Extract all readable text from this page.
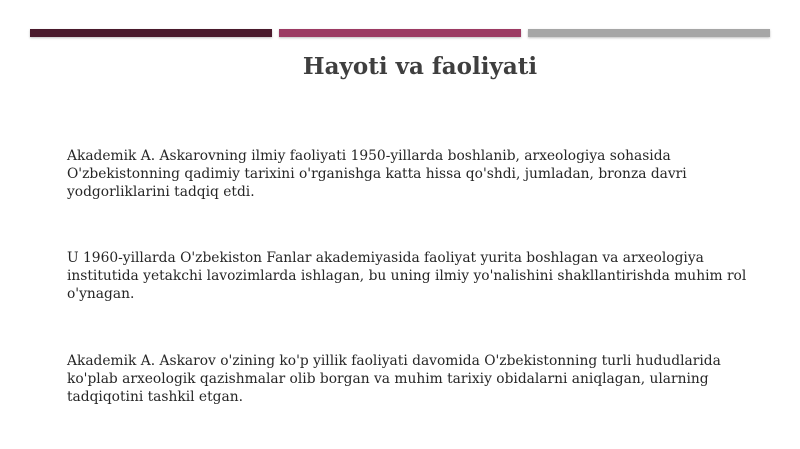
Hayoti va faoliyati

Akademik A. Askarovning ilmiy faoliyati 1950-yillarda boshlanib, arxeologiya sohasida O'zbekistonning qadimiy tarixini o'rganishga katta hissa qo'shdi, jumladan, bronza davri yodgorliklarini tadqiq etdi.

U 1960-yillarda O'zbekiston Fanlar akademiyasida faoliyat yurita boshlagan va arxeologiya institutida yetakchi lavozimlarda ishlagan, bu uning ilmiy yo'nalishini shakllantirishda muhim rol o'ynagan.

Akademik A. Askarov o'zining ko'p yillik faoliyati davomida O'zbekistonning turli hududlarida ko'plab arxeologik qazishmalar olib borgan va muhim tarixiy obidalarni aniqlagan, ularning tadqiqotini tashkil etgan.
